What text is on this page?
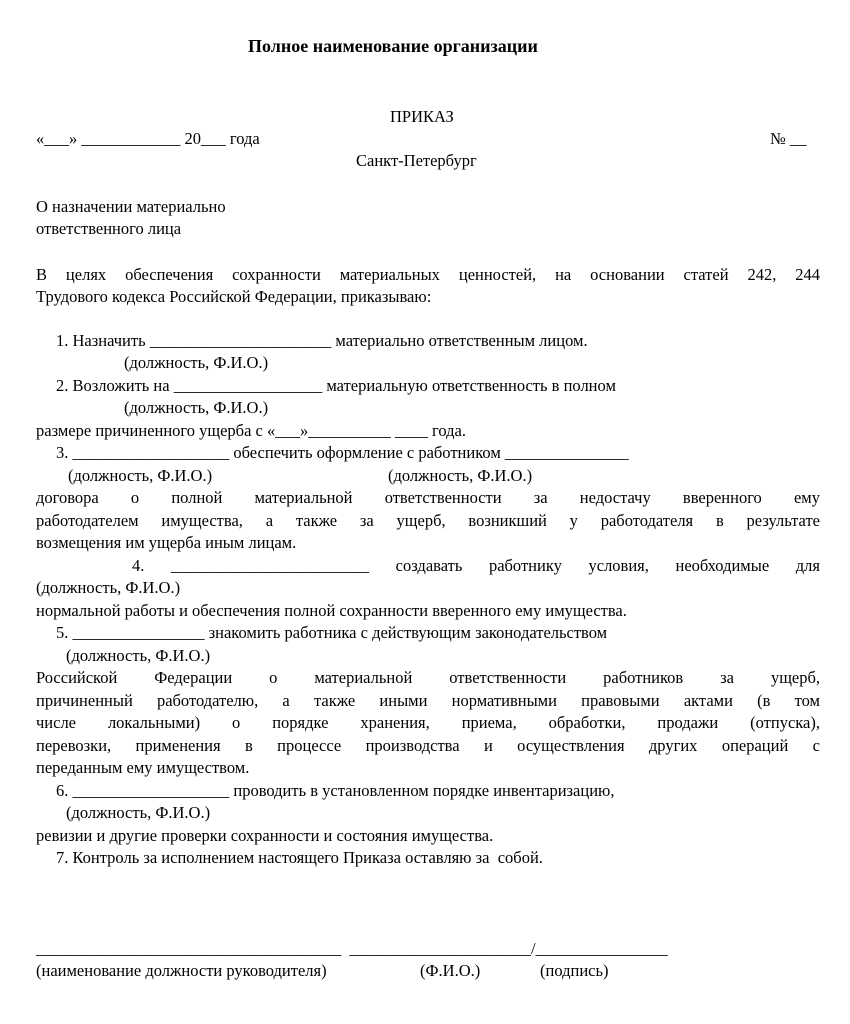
Полное наименование организации
ПРИКАЗ
«___» ____________ 20___ года	№ __
Санкт-Петербург
О назначении материально
ответственного лица
В целях обеспечения сохранности материальных ценностей, на основании статей 242, 244
Трудового кодекса Российской Федерации, приказываю:
1. Назначить ______________________ материально ответственным лицом.
(должность, Ф.И.О.)
2. Возложить на __________________ материальную ответственность в полном
(должность, Ф.И.О.)
размере причиненного ущерба с «___»__________ ____ года.
3. ___________________ обеспечить оформление с работником _______________
(должность, Ф.И.О.)	(должность, Ф.И.О.)
договора о полной материальной ответственности за недостачу вверенного ему
работодателем имущества, а также за ущерб, возникший у работодателя в результате
возмещения им ущерба иным лицам.
4. ________________________ создавать работнику условия, необходимые для
(должность, Ф.И.О.)
нормальной работы и обеспечения полной сохранности вверенного ему имущества.
5. ________________ знакомить работника с действующим законодательством
(должность, Ф.И.О.)
Российской Федерации о материальной ответственности работников за ущерб,
причиненный работодателю, а также иными нормативными правовыми актами (в том
числе локальными) о порядке хранения, приема, обработки, продажи (отпуска),
перевозки, применения в процессе производства и осуществления других операций с
переданным ему имуществом.
6. ___________________ проводить в установленном порядке инвентаризацию,
(должность, Ф.И.О.)
ревизии и другие проверки сохранности и состояния имущества.
7. Контроль за исполнением настоящего Приказа оставляю за  собой.
_____________________________________  ______________________/________________
(наименование должности руководителя)	(Ф.И.О.)	(подпись)
